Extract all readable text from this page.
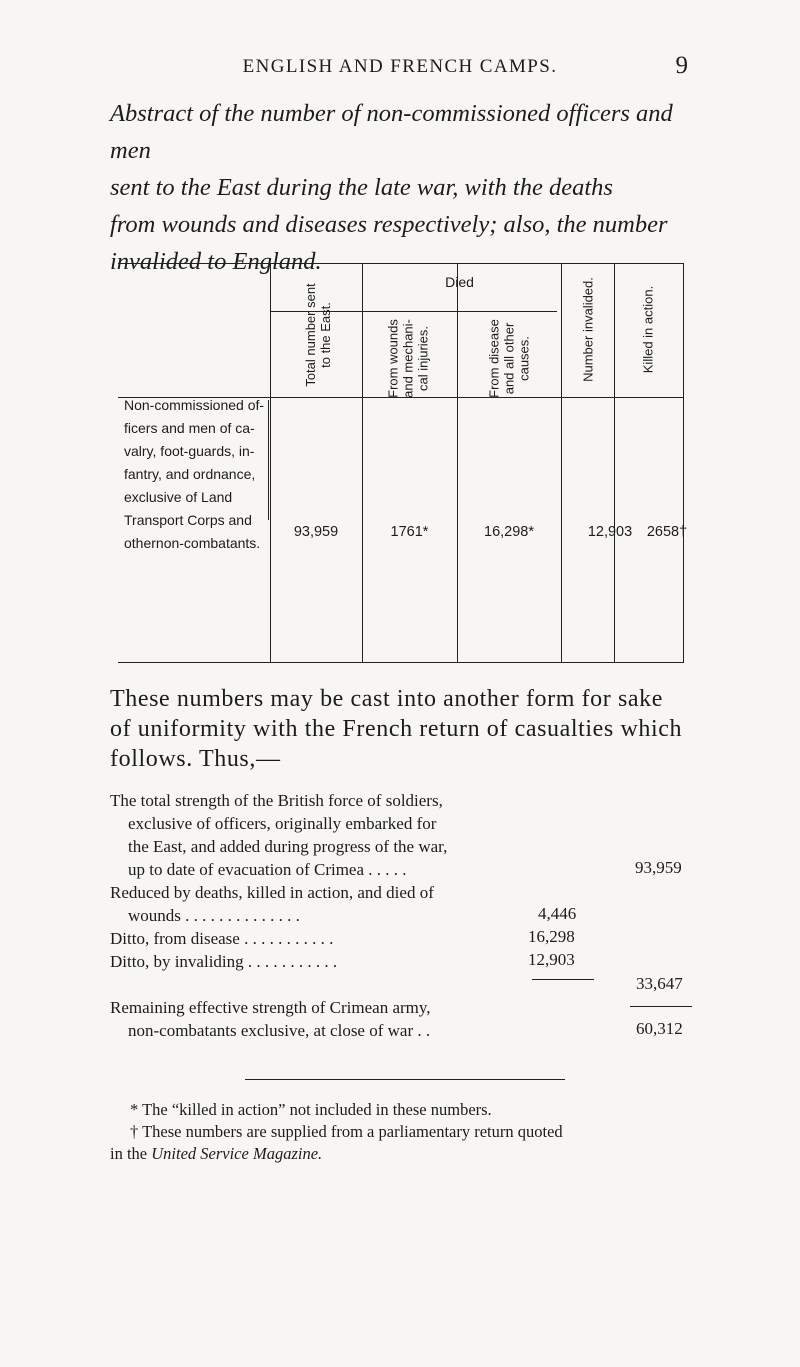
ENGLISH AND FRENCH CAMPS.	9
Abstract of the number of non-commissioned officers and men
sent to the East during the late war, with the deaths
from wounds and diseases respectively; also, the number
invalided to England.
Total number sent to the East.
Died
From wounds and mechani- cal injuries.	From disease and all other causes.	Number invalided.	Killed in action.
Non-commissioned of-
ficers and men of ca-
valry, foot-guards, in-
fantry, and ordnance,
exclusive of Land
Transport Corps and
othernon-combatants.
93,959	1761*	16,298*	12,903	2658†
These numbers may be cast into another form for sake
of uniformity with the French return of casualties which
follows. Thus,—
The total strength of the British force of soldiers,
exclusive of officers, originally embarked for
the East, and added during progress of the war,
up to date of evacuation of Crimea . . . . .	93,959
Reduced by deaths, killed in action, and died of
wounds . . . . . . . . . . . . . .	4,446
Ditto, from disease . . . . . . . . . . .	16,298
Ditto, by invaliding . . . . . . . . . . .	12,903
33,647
Remaining effective strength of Crimean army,
non-combatants exclusive, at close of war . .	60,312
* The “killed in action” not included in these numbers.
† These numbers are supplied from a parliamentary return quoted
in the United Service Magazine.
